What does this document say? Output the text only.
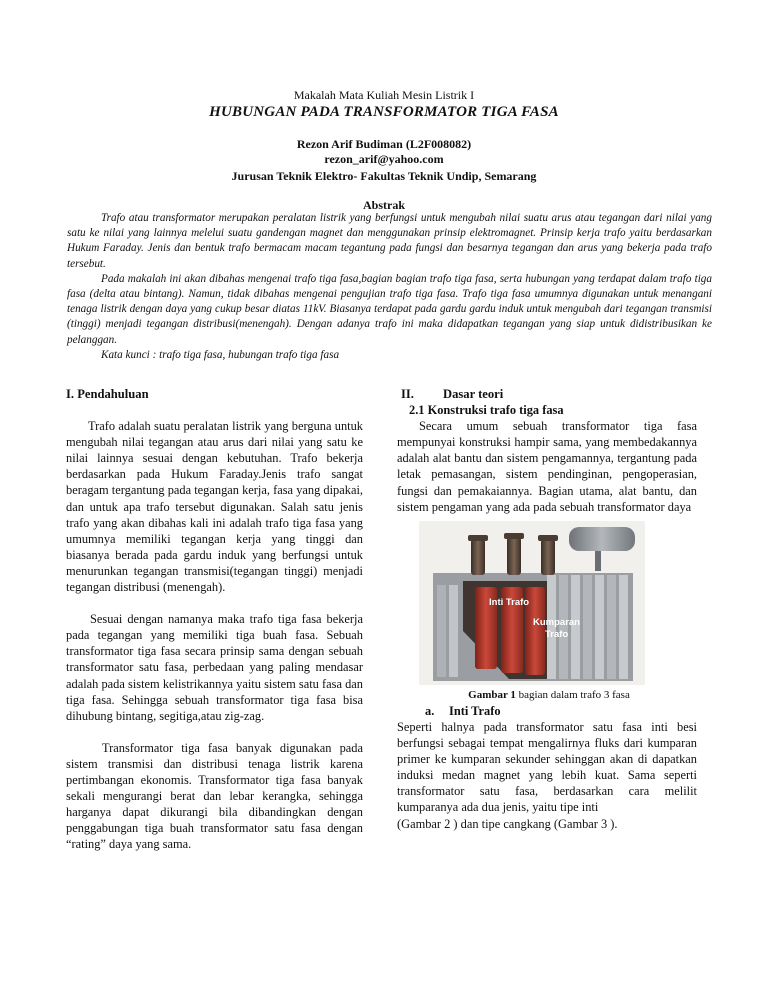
Makalah Mata Kuliah Mesin Listrik I
HUBUNGAN PADA TRANSFORMATOR TIGA FASA
Rezon Arif Budiman (L2F008082)
rezon_arif@yahoo.com
Jurusan Teknik Elektro- Fakultas Teknik Undip, Semarang
Abstrak

Trafo atau transformator merupakan peralatan listrik yang berfungsi untuk mengubah nilai suatu arus atau tegangan dari nilai yang satu ke nilai yang lainnya melelui suatu gandengan magnet dan menggunakan prinsip elektromagnet. Prinsip kerja trafo yaitu berdasarkan Hukum Faraday. Jenis dan bentuk trafo bermacam macam tegantung pada fungsi dan besarnya tegangan dan arus yang bekerja pada trafo tersebut.

Pada makalah ini akan dibahas mengenai trafo tiga fasa,bagian bagian trafo tiga fasa, serta hubungan yang terdapat dalam trafo tiga fasa (delta atau bintang). Namun, tidak dibahas mengenai pengujian trafo tiga fasa. Trafo tiga fasa umumnya digunakan untuk menangani tenaga listrik dengan daya yang cukup besar diatas 11kV. Biasanya terdapat pada gardu gardu induk untuk mengubah dari tegangan transmisi (tinggi) menjadi tegangan distribusi(menengah). Dengan adanya trafo ini maka didapatkan tegangan yang siap untuk didistribusikan ke pelanggan.

Kata kunci : trafo tiga fasa, hubungan trafo tiga fasa

I. Pendahuluan

Trafo adalah suatu peralatan listrik yang berguna untuk mengubah nilai tegangan atau arus dari nilai yang satu ke nilai lainnya sesuai dengan kebutuhan. Trafo bekerja berdasarkan pada Hukum Faraday.Jenis trafo sangat beragam tergantung pada tegangan kerja, fasa yang dipakai, dan untuk apa trafo tersebut digunakan. Salah satu jenis trafo yang akan dibahas kali ini adalah trafo tiga fasa yang umumnya memiliki tegangan kerja yang tinggi dan biasanya berada pada gardu induk yang berfungsi untuk menurunkan tegangan transmisi(tegangan tinggi) menjadi tegangan distribusi (menengah).

Sesuai dengan namanya maka trafo tiga fasa bekerja pada tegangan yang memiliki tiga buah fasa. Sebuah transformator tiga fasa secara prinsip sama dengan sebuah transformator satu fasa, perbedaan yang paling mendasar adalah pada sistem kelistrikannya yaitu sistem satu fasa dan tiga fasa. Sehingga sebuah transformator tiga fasa bisa dihubung bintang, segitiga,atau zig-zag.

Transformator tiga fasa banyak digunakan pada sistem transmisi dan distribusi tenaga listrik karena pertimbangan ekonomis. Transformator tiga fasa banyak sekali mengurangi berat dan lebar kerangka, sehingga harganya dapat dikurangi bila dibandingkan dengan penggabungan tiga buah transformator satu fasa dengan “rating” daya yang sama.

II. Dasar teori
2.1 Konstruksi trafo tiga fasa

Secara umum sebuah transformator tiga fasa mempunyai konstruksi hampir sama, yang membedakannya adalah alat bantu dan sistem pengamannya, tergantung pada letak pemasangan, sistem pendinginan, pengoperasian, fungsi dan pemakaiannya. Bagian utama, alat bantu, dan sistem pengaman yang ada pada sebuah transformator daya

Inti Trafo
Kumparan
Trafo
Gambar 1 bagian dalam trafo 3 fasa
a. Inti Trafo

Seperti halnya pada transformator satu fasa inti besi berfungsi sebagai tempat mengalirnya fluks dari kumparan primer ke kumparan sekunder sehinggan akan di dapatkan induksi medan magnet yang lebih kuat. Sama seperti transformator satu fasa, berdasarkan cara melilit kumparanya ada dua jenis, yaitu tipe inti

(Gambar 2 ) dan tipe cangkang (Gambar 3 ).
